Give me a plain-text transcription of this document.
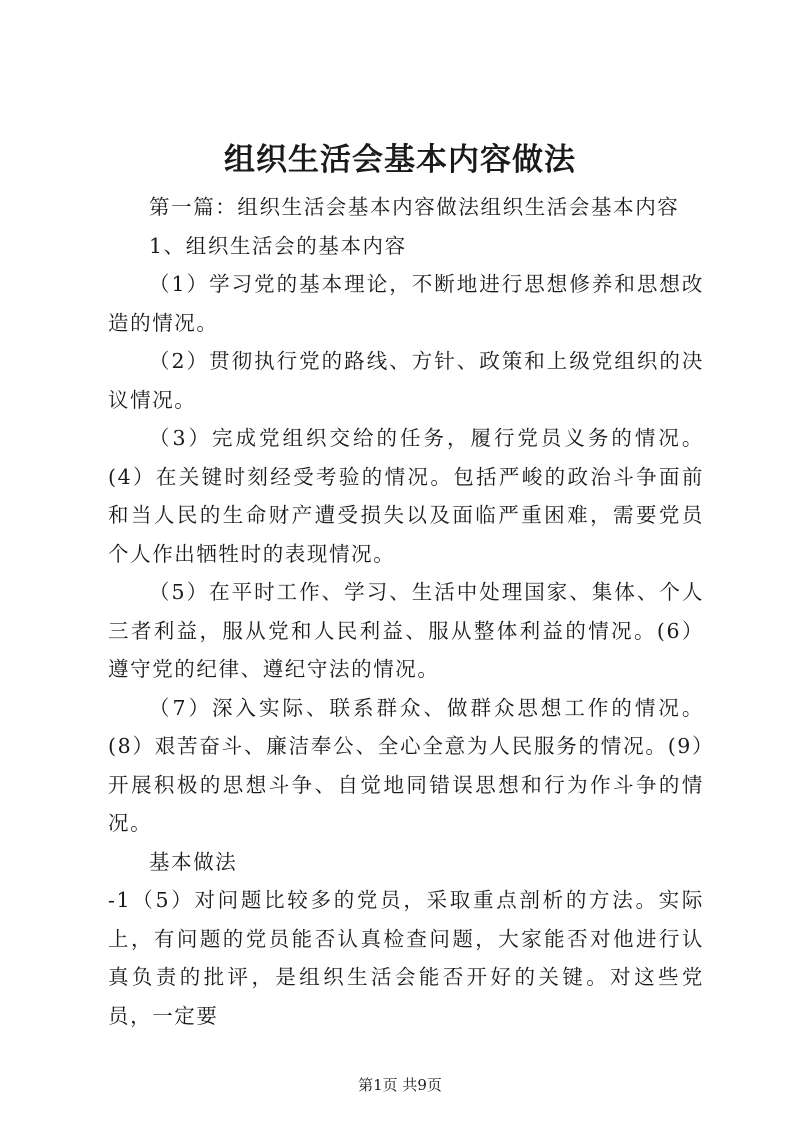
组织生活会基本内容做法

第一篇：组织生活会基本内容做法组织生活会基本内容

1、组织生活会的基本内容

（1）学习党的基本理论，不断地进行思想修养和思想改造的情况。

（2）贯彻执行党的路线、方针、政策和上级党组织的决议情况。

（3）完成党组织交给的任务，履行党员义务的情况。(4）在关键时刻经受考验的情况。包括严峻的政治斗争面前和当人民的生命财产遭受损失以及面临严重困难，需要党员个人作出牺牲时的表现情况。

（5）在平时工作、学习、生活中处理国家、集体、个人三者利益，服从党和人民利益、服从整体利益的情况。(6）遵守党的纪律、遵纪守法的情况。

（7）深入实际、联系群众、做群众思想工作的情况。(8）艰苦奋斗、廉洁奉公、全心全意为人民服务的情况。(9）开展积极的思想斗争、自觉地同错误思想和行为作斗争的情况。

基本做法

-1（5）对问题比较多的党员，采取重点剖析的方法。实际上，有问题的党员能否认真检查问题，大家能否对他进行认真负责的批评，是组织生活会能否开好的关键。对这些党员，一定要

第1页 共9页
